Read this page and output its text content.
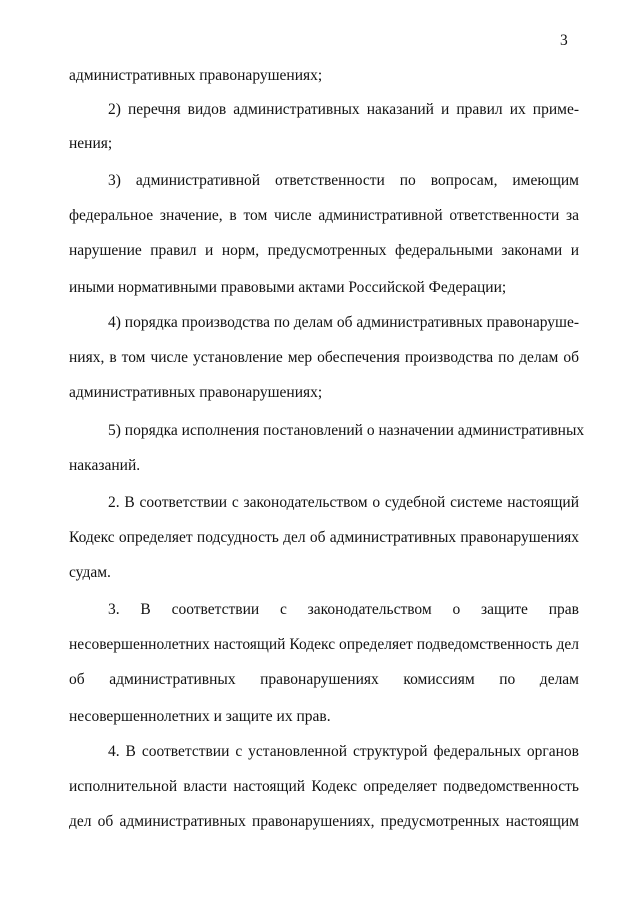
3
административных правонарушениях;
2) перечня видов административных наказаний и правил их приме-
нения;
3) административной ответственности по вопросам, имеющим
федеральное значение, в том числе административной ответственности за
нарушение правил и норм, предусмотренных федеральными законами и
иными нормативными правовыми актами Российской Федерации;
4) порядка производства по делам об административных правонаруше-
ниях, в том числе установление мер обеспечения производства по делам об
административных правонарушениях;
5) порядка исполнения постановлений о назначении административных
наказаний.
2. В соответствии с законодательством о судебной системе настоящий
Кодекс определяет подсудность дел об административных правонарушениях
судам.
3. В соответствии с законодательством о защите прав
несовершеннолетних настоящий Кодекс определяет подведомственность дел
об административных правонарушениях комиссиям по делам
несовершеннолетних и защите их прав.
4. В соответствии с установленной структурой федеральных органов
исполнительной власти настоящий Кодекс определяет подведомственность
дел об административных правонарушениях, предусмотренных настоящим
